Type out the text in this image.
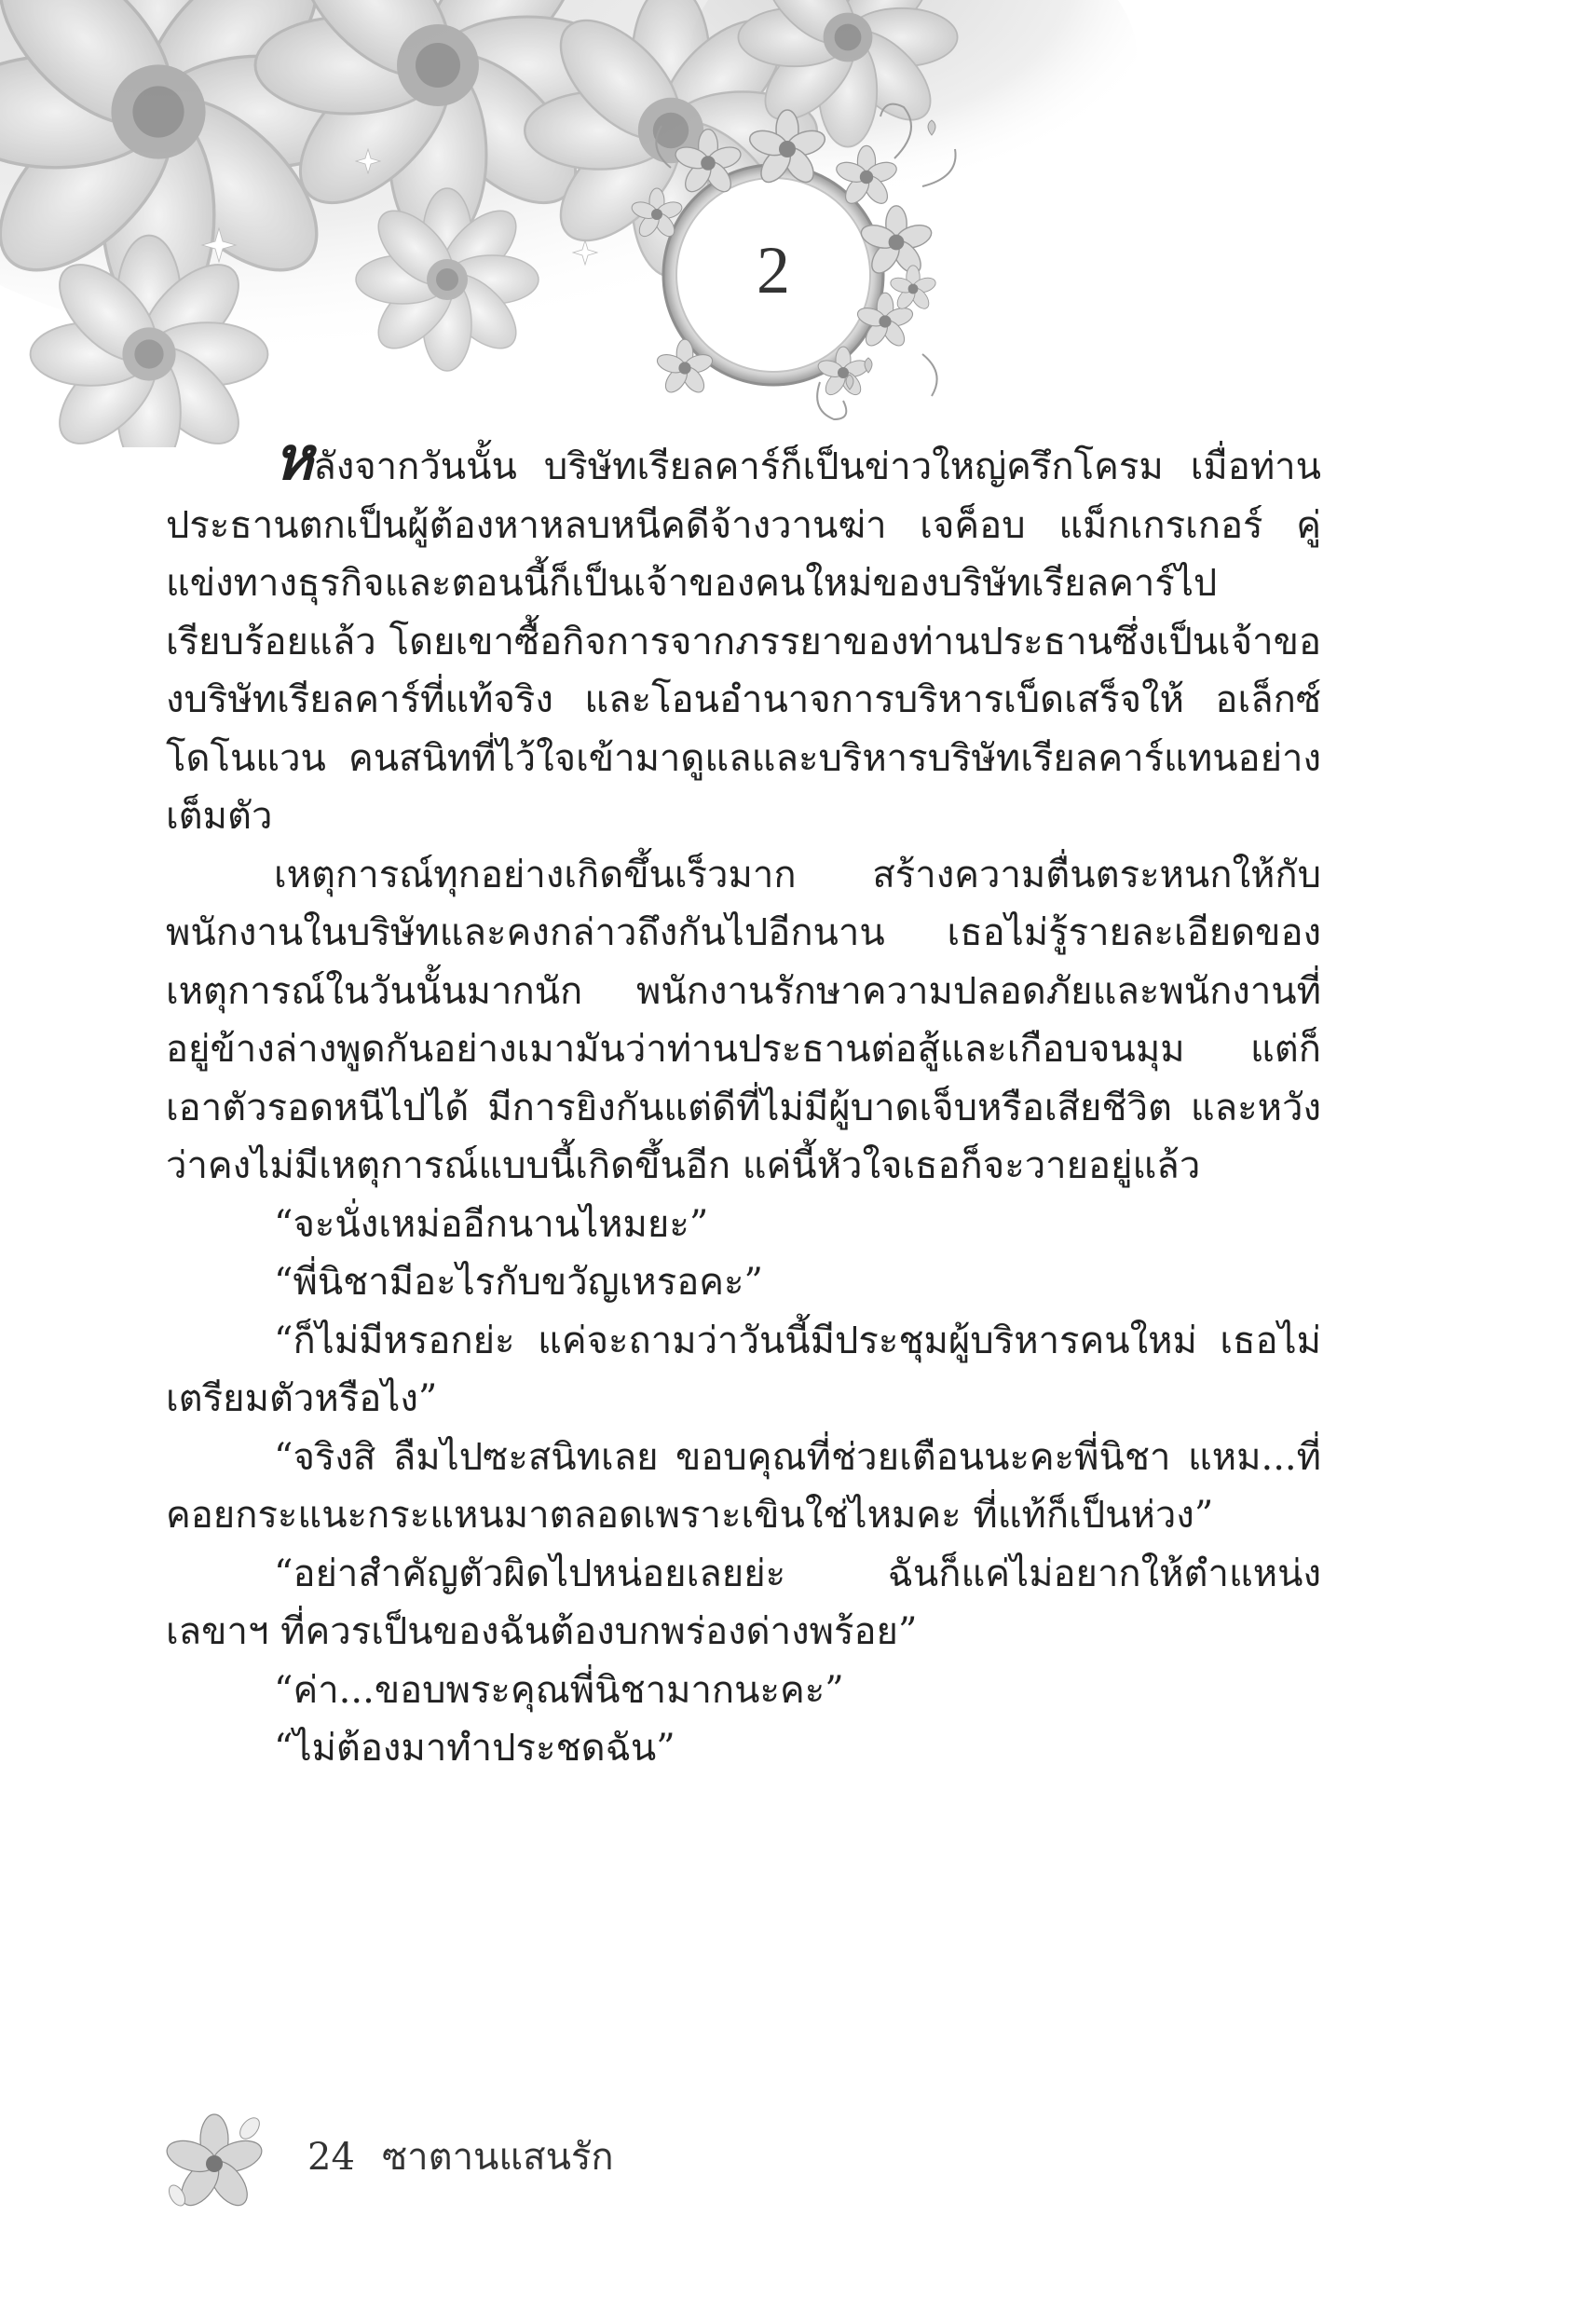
2

หลังจากวันนั้น บริษัทเรียลคาร์ก็เป็นข่าวใหญ่ครึกโครม เมื่อท่านประธานตกเป็นผู้ต้องหาหลบหนีคดีจ้างวานฆ่า เจค็อบ แม็กเกรเกอร์ คู่แข่งทางธุรกิจและตอนนี้ก็เป็นเจ้าของคนใหม่ของบริษัทเรียลคาร์ไปเรียบร้อยแล้ว โดยเขาซื้อกิจการจากภรรยาของท่านประธานซึ่งเป็นเจ้าของบริษัทเรียลคาร์ที่แท้จริง และโอนอำนาจการบริหารเบ็ดเสร็จให้ อเล็กซ์ โดโนแวน คนสนิทที่ไว้ใจเข้ามาดูแลและบริหารบริษัทเรียลคาร์แทนอย่างเต็มตัว

เหตุการณ์ทุกอย่างเกิดขึ้นเร็วมาก สร้างความตื่นตระหนกให้กับพนักงานในบริษัทและคงกล่าวถึงกันไปอีกนาน เธอไม่รู้รายละเอียดของเหตุการณ์ในวันนั้นมากนัก พนักงานรักษาความปลอดภัยและพนักงานที่อยู่ข้างล่างพูดกันอย่างเมามันว่าท่านประธานต่อสู้และเกือบจนมุม แต่ก็เอาตัวรอดหนีไปได้ มีการยิงกันแต่ดีที่ไม่มีผู้บาดเจ็บหรือเสียชีวิต และหวังว่าคงไม่มีเหตุการณ์แบบนี้เกิดขึ้นอีก แค่นี้หัวใจเธอก็จะวายอยู่แล้ว

“จะนั่งเหม่ออีกนานไหมยะ”

“พี่นิชามีอะไรกับขวัญเหรอคะ”

“ก็ไม่มีหรอกย่ะ แค่จะถามว่าวันนี้มีประชุมผู้บริหารคนใหม่ เธอไม่เตรียมตัวหรือไง”

“จริงสิ ลืมไปซะสนิทเลย ขอบคุณที่ช่วยเตือนนะคะพี่นิชา แหม...ที่คอยกระแนะกระแหนมาตลอดเพราะเขินใช่ไหมคะ ที่แท้ก็เป็นห่วง”

“อย่าสำคัญตัวผิดไปหน่อยเลยย่ะ ฉันก็แค่ไม่อยากให้ตำแหน่งเลขาฯ ที่ควรเป็นของฉันต้องบกพร่องด่างพร้อย”

“ค่า...ขอบพระคุณพี่นิชามากนะคะ”

“ไม่ต้องมาทำประชดฉัน”

24 ซาตานแสนรัก
